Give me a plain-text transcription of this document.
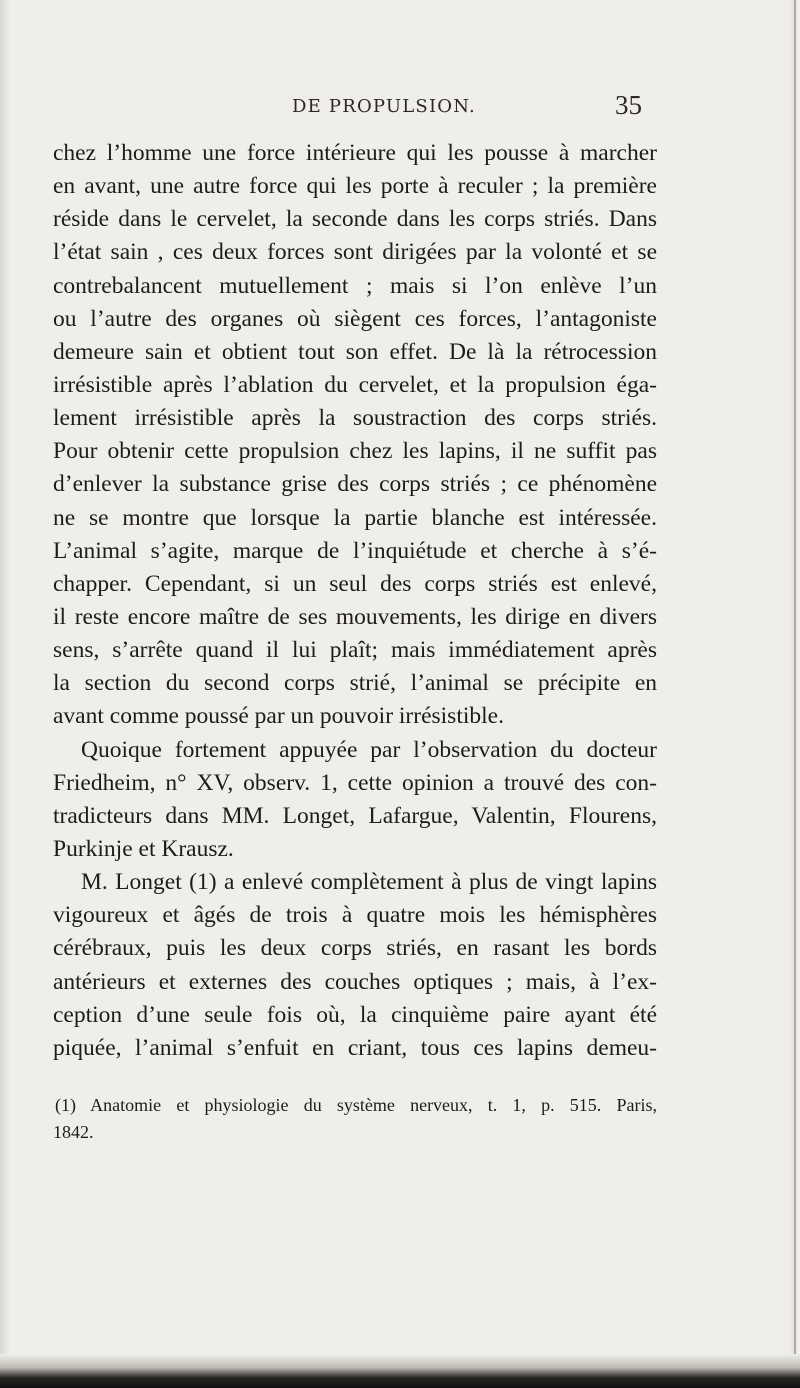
DE PROPULSION.	35
chez l’homme une force intérieure qui les pousse à marcher
en avant, une autre force qui les porte à reculer ; la première
réside dans le cervelet, la seconde dans les corps striés. Dans
l’état sain , ces deux forces sont dirigées par la volonté et se
contrebalancent mutuellement ; mais si l’on enlève l’un
ou l’autre des organes où siègent ces forces, l’antagoniste
demeure sain et obtient tout son effet. De là la rétrocession
irrésistible après l’ablation du cervelet, et la propulsion éga-
lement irrésistible après la soustraction des corps striés.
Pour obtenir cette propulsion chez les lapins, il ne suffit pas
d’enlever la substance grise des corps striés ; ce phénomène
ne se montre que lorsque la partie blanche est intéressée.
L’animal s’agite, marque de l’inquiétude et cherche à s’é-
chapper. Cependant, si un seul des corps striés est enlevé,
il reste encore maître de ses mouvements, les dirige en divers
sens, s’arrête quand il lui plaît; mais immédiatement après
la section du second corps strié, l’animal se précipite en
avant comme poussé par un pouvoir irrésistible.
Quoique fortement appuyée par l’observation du docteur
Friedheim, n° XV, observ. 1, cette opinion a trouvé des con-
tradicteurs dans MM. Longet, Lafargue, Valentin, Flourens,
Purkinje et Krausz.
M. Longet (1) a enlevé complètement à plus de vingt lapins
vigoureux et âgés de trois à quatre mois les hémisphères
cérébraux, puis les deux corps striés, en rasant les bords
antérieurs et externes des couches optiques ; mais, à l’ex-
ception d’une seule fois où, la cinquième paire ayant été
piquée, l’animal s’enfuit en criant, tous ces lapins demeu-
(1) Anatomie et physiologie du système nerveux, t. 1, p. 515. Paris,
1842.
